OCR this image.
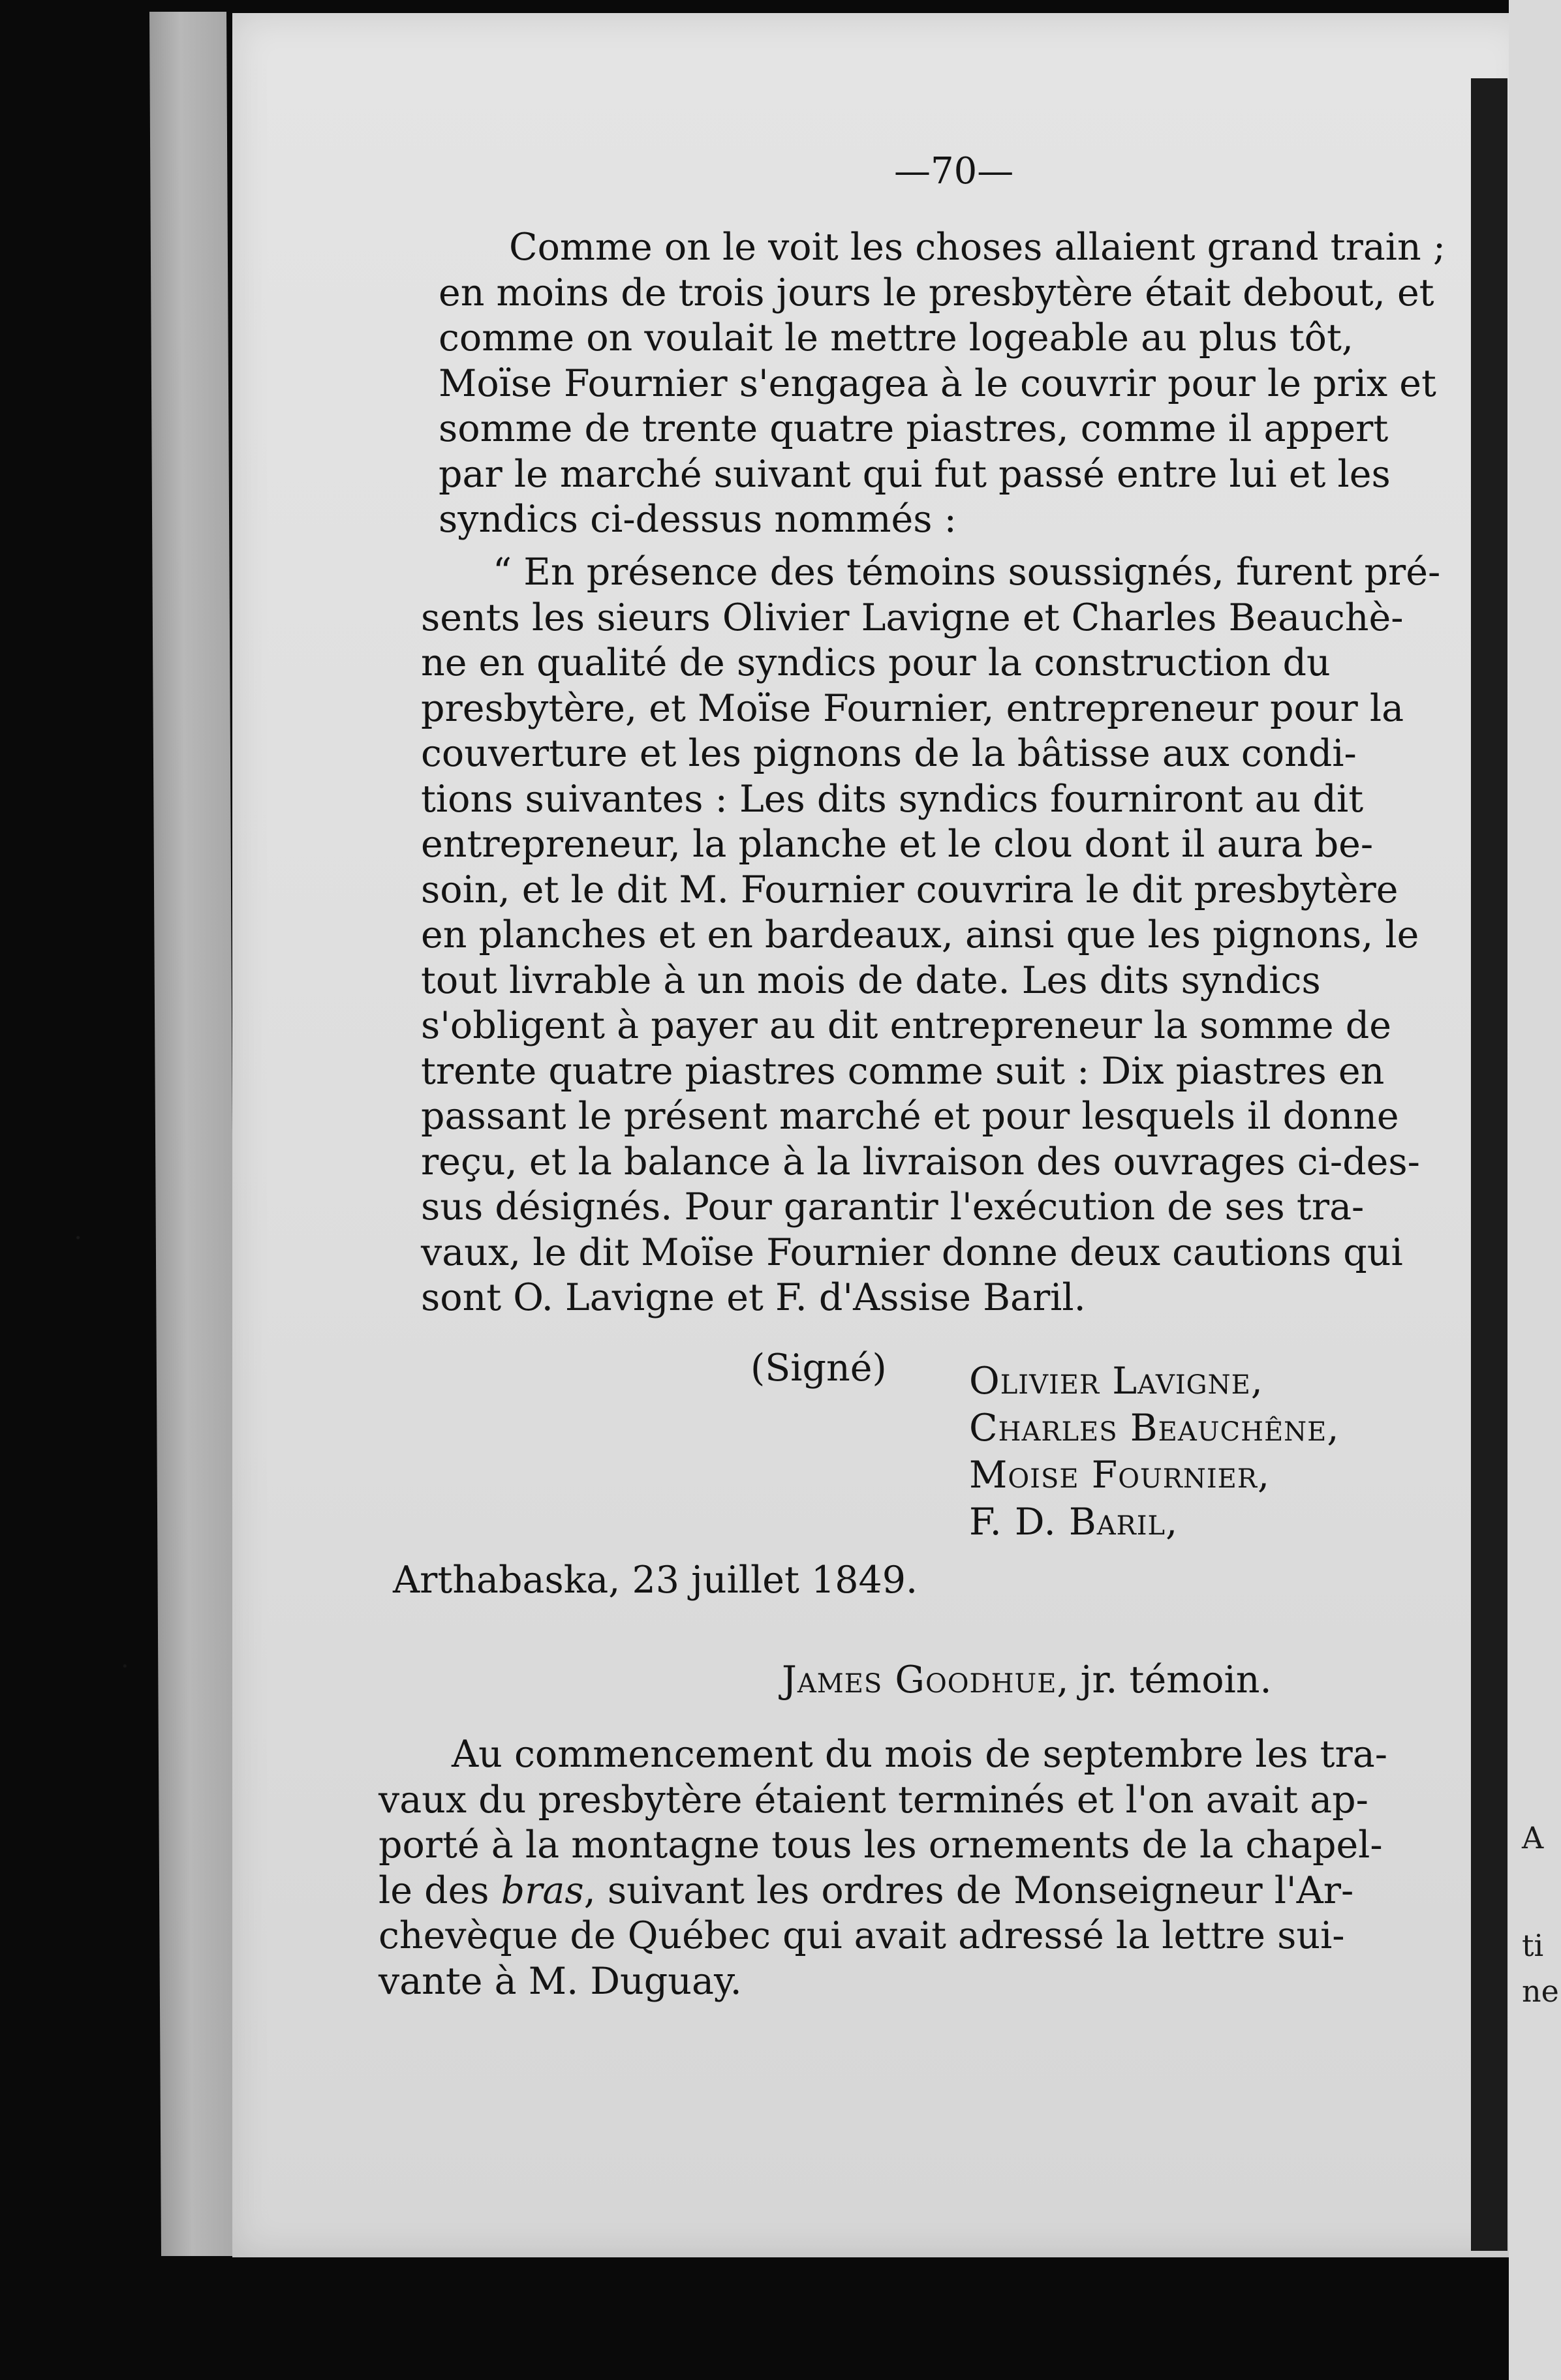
A
ti
ne
—70—
Comme on le voit les choses allaient grand train ;
en moins de trois jours le presbytère était debout, et
comme on voulait le mettre logeable au plus tôt,
Moïse Fournier s'engagea à le couvrir pour le prix et
somme de trente quatre piastres, comme il appert
par le marché suivant qui fut passé entre lui et les
syndics ci-dessus nommés :
“ En présence des témoins soussignés, furent pré-
sents les sieurs Olivier Lavigne et Charles Beauchè-
ne en qualité de syndics pour la construction du
presbytère, et Moïse Fournier, entrepreneur pour la
couverture et les pignons de la bâtisse aux condi-
tions suivantes : Les dits syndics fourniront au dit
entrepreneur, la planche et le clou dont il aura be-
soin, et le dit M. Fournier couvrira le dit presbytère
en planches et en bardeaux, ainsi que les pignons, le
tout livrable à un mois de date. Les dits syndics
s'obligent à payer au dit entrepreneur la somme de
trente quatre piastres comme suit : Dix piastres en
passant le présent marché et pour lesquels il donne
reçu, et la balance à la livraison des ouvrages ci-des-
sus désignés. Pour garantir l'exécution de ses tra-
vaux, le dit Moïse Fournier donne deux cautions qui
sont O. Lavigne et F. d'Assise Baril.
(Signé) Olivier Lavigne,
Charles Beauchêne,
Moise Fournier,
F. D. Baril,
Arthabaska, 23 juillet 1849.
James Goodhue, jr. témoin.
Au commencement du mois de septembre les tra-
vaux du presbytère étaient terminés et l'on avait ap-
porté à la montagne tous les ornements de la chapel-
le des bras, suivant les ordres de Monseigneur l'Ar-
chevèque de Québec qui avait adressé la lettre sui-
vante à M. Duguay.
